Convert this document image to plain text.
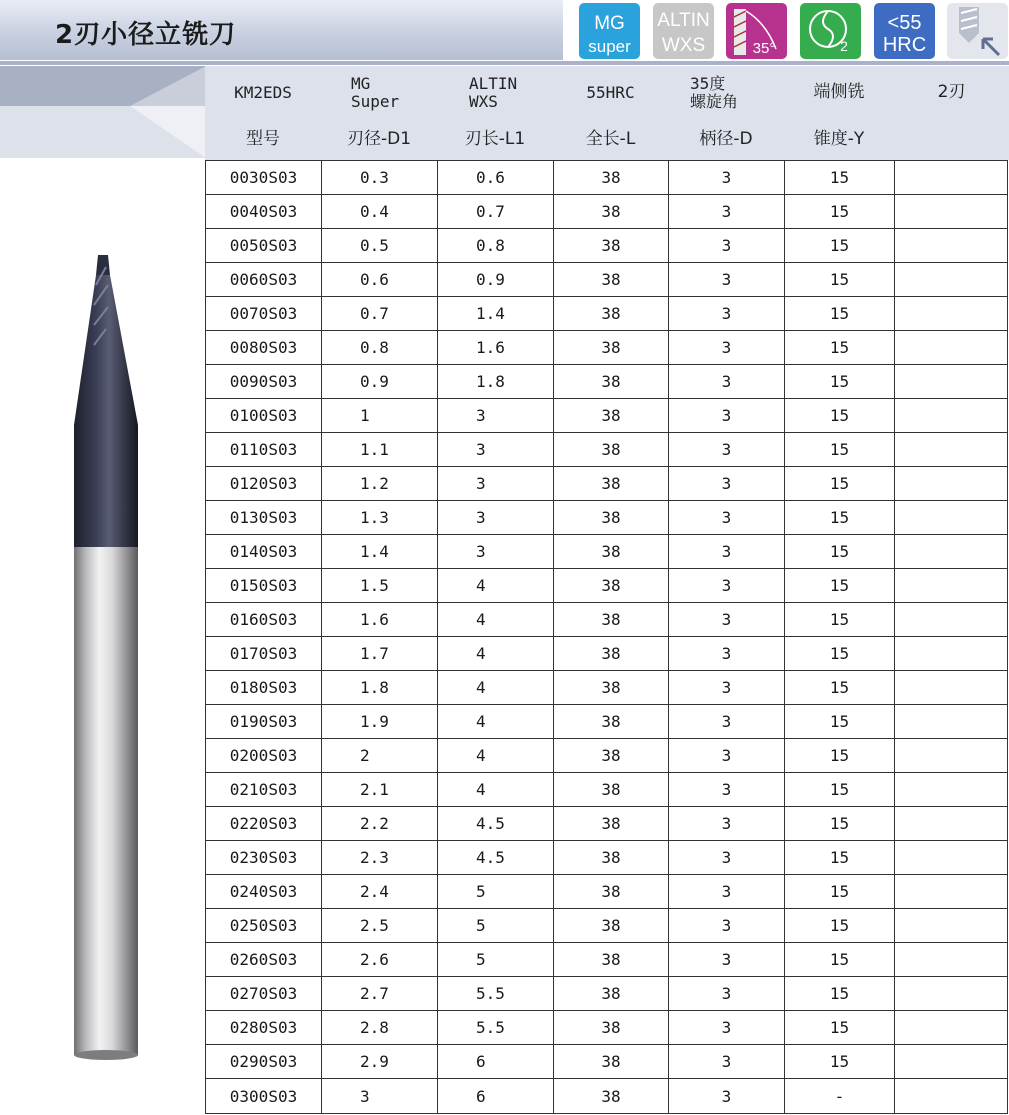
2刃小径立铣刀	MG
super
ALTIN
WXS	35°	2
<55
HRC
KM2EDS	MG
Super
ALTIN
WXS	55HRC	35度
螺旋角	端侧铣	2刃
型号	刃径-D1	刃长-L1	全长-L	柄径-D	锥度-Y
0030S03	0.3	0.6	38	3	15
0040S03	0.4	0.7	38	3	15
0050S03	0.5	0.8	38	3	15
0060S03	0.6	0.9	38	3	15
0070S03	0.7	1.4	38	3	15
0080S03	0.8	1.6	38	3	15
0090S03	0.9	1.8	38	3	15
0100S03	1	3	38	3	15
0110S03	1.1	3	38	3	15
0120S03	1.2	3	38	3	15
0130S03	1.3	3	38	3	15
0140S03	1.4	3	38	3	15
0150S03	1.5	4	38	3	15
0160S03	1.6	4	38	3	15
0170S03	1.7	4	38	3	15
0180S03	1.8	4	38	3	15
0190S03	1.9	4	38	3	15
0200S03	2	4	38	3	15
0210S03	2.1	4	38	3	15
0220S03	2.2	4.5	38	3	15
0230S03	2.3	4.5	38	3	15
0240S03	2.4	5	38	3	15
0250S03	2.5	5	38	3	15
0260S03	2.6	5	38	3	15
0270S03	2.7	5.5	38	3	15
0280S03	2.8	5.5	38	3	15
0290S03	2.9	6	38	3	15
0300S03	3	6	38	3	-
